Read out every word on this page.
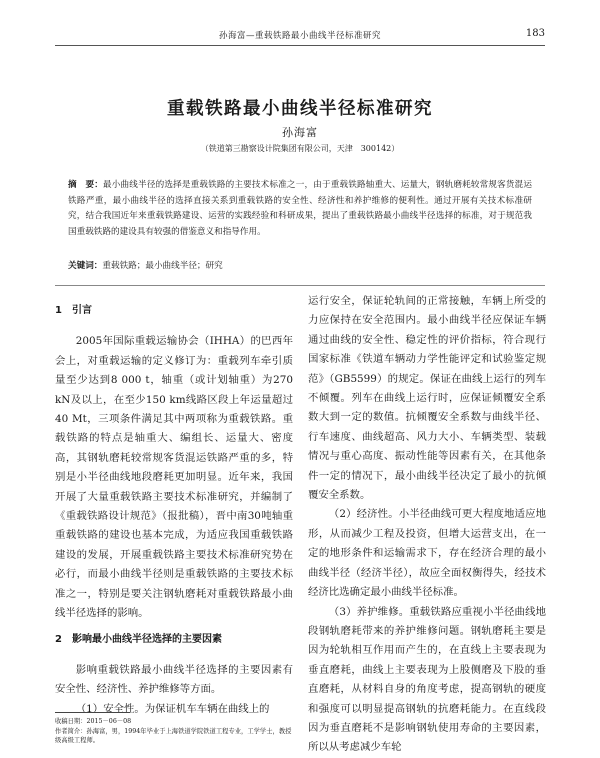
孙海富—重载铁路最小曲线半径标准研究	183
重载铁路最小曲线半径标准研究
孙海富
（铁道第三勘察设计院集团有限公司，天津　300142）
摘　要：最小曲线半径的选择是重载铁路的主要技术标准之一，由于重载铁路轴重大、运量大，钢轨磨耗较常规客货混运铁路严重，最小曲线半径的选择直接关系到重载铁路的安全性、经济性和养护维修的便利性。通过开展有关技术标准研究，结合我国近年来重载铁路建设、运营的实践经验和科研成果，提出了重载铁路最小曲线半径选择的标准，对于规范我国重载铁路的建设具有较强的借鉴意义和指导作用。
关键词：重载铁路；最小曲线半径；研究
1　引言

2005年国际重载运输协会（IHHA）的巴西年会上，对重载运输的定义修订为：重载列车牵引质量至少达到8 000 t，轴重（或计划轴重）为270 kN及以上，在至少150 km线路区段上年运量超过40 Mt，三项条件满足其中两项称为重载铁路。重载铁路的特点是轴重大、编组长、运量大、密度高，其钢轨磨耗较常规客货混运铁路严重的多，特别是小半径曲线地段磨耗更加明显。近年来，我国开展了大量重载铁路主要技术标准研究，并编制了《重载铁路设计规范》（报批稿），晋中南30吨轴重重载铁路的建设也基本完成，为适应我国重载铁路建设的发展，开展重载铁路主要技术标准研究势在必行，而最小曲线半径则是重载铁路的主要技术标准之一，特别是要关注钢轨磨耗对重载铁路最小曲线半径选择的影响。

2　影响最小曲线半径选择的主要因素

影响重载铁路最小曲线半径选择的主要因素有安全性、经济性、养护维修等方面。

（1）安全性。为保证机车车辆在曲线上的

运行安全，保证轮轨间的正常接触，车辆上所受的力应保持在安全范围内。最小曲线半径应保证车辆通过曲线的安全性、稳定性的评价指标，符合现行国家标准《铁道车辆动力学性能评定和试验鉴定规范》（GB5599）的规定。保证在曲线上运行的列车不倾覆。列车在曲线上运行时，应保证倾覆安全系数大到一定的数值。抗倾覆安全系数与曲线半径、行车速度、曲线超高、风力大小、车辆类型、装载情况与重心高度、振动性能等因素有关，在其他条件一定的情况下，最小曲线半径决定了最小的抗倾覆安全系数。

（2）经济性。小半径曲线可更大程度地适应地形，从而减少工程及投资，但增大运营支出，在一定的地形条件和运输需求下，存在经济合理的最小曲线半径（经济半径），故应全面权衡得失，经技术经济比选确定最小曲线半径标准。

（3）养护维修。重载铁路应重视小半径曲线地段钢轨磨耗带来的养护维修问题。钢轨磨耗主要是因为轮轨相互作用而产生的，在直线上主要表现为垂直磨耗，曲线上主要表现为上股侧磨及下股的垂直磨耗，从材料自身的角度考虑，提高钢轨的硬度和强度可以明显提高钢轨的抗磨耗能力。在直线段因为垂直磨耗不是影响钢轨使用寿命的主要因素，所以从考虑减少车轮

收稿日期：2015－06－08
作者简介：孙海富，男，1994年毕业于上海铁道学院铁道工程专业，工学学士，教授级高级工程师。
